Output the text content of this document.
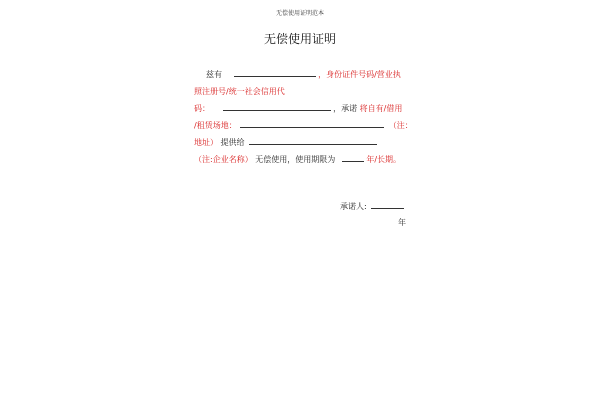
无偿使用证明范本
无偿使用证明
兹有	，身份证件号码/营业执
照注册号/统一社会信用代
码：	，承诺 将自有/借用
/租赁场地：	（注：
地址） 提供给
（注:企业名称） 无偿使用，使用期限为	年/长期。
承诺人:
年
